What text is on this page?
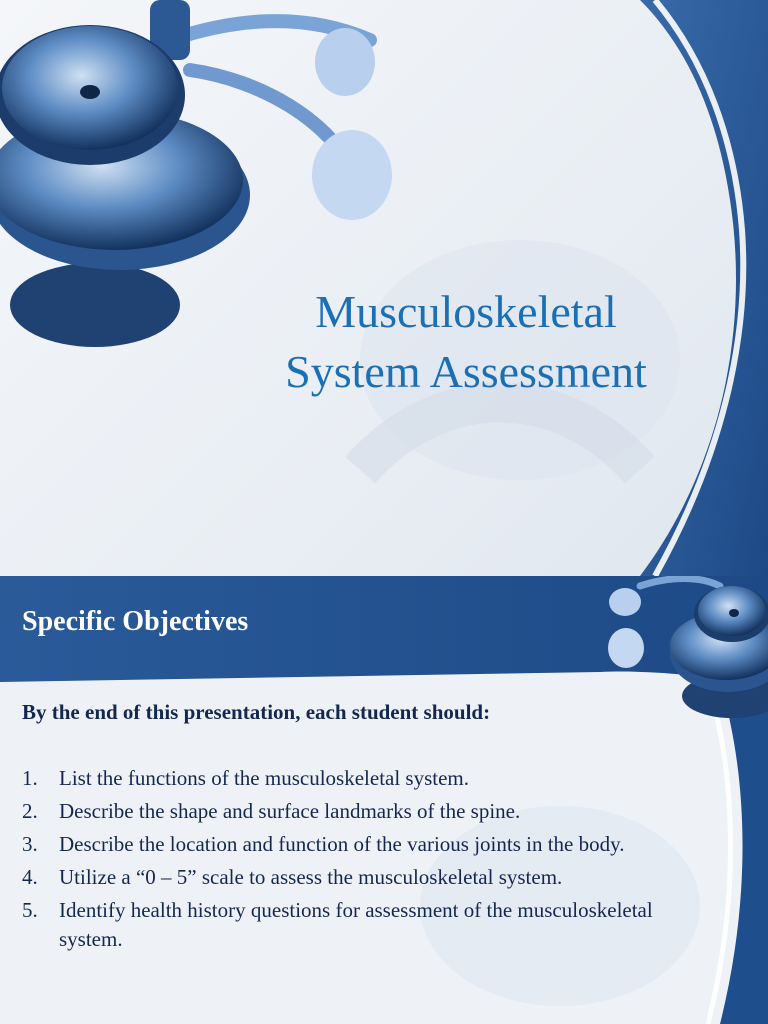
Musculoskeletal
System Assessment
Specific Objectives

By the end of this presentation, each student should:

1. List the functions of the musculoskeletal system.
2. Describe the shape and surface landmarks of the spine.
3. Describe the location and function of the various joints in the body.
4. Utilize a “0 – 5” scale to assess the musculoskeletal system.
5. Identify health history questions for assessment of the musculoskeletal system.
